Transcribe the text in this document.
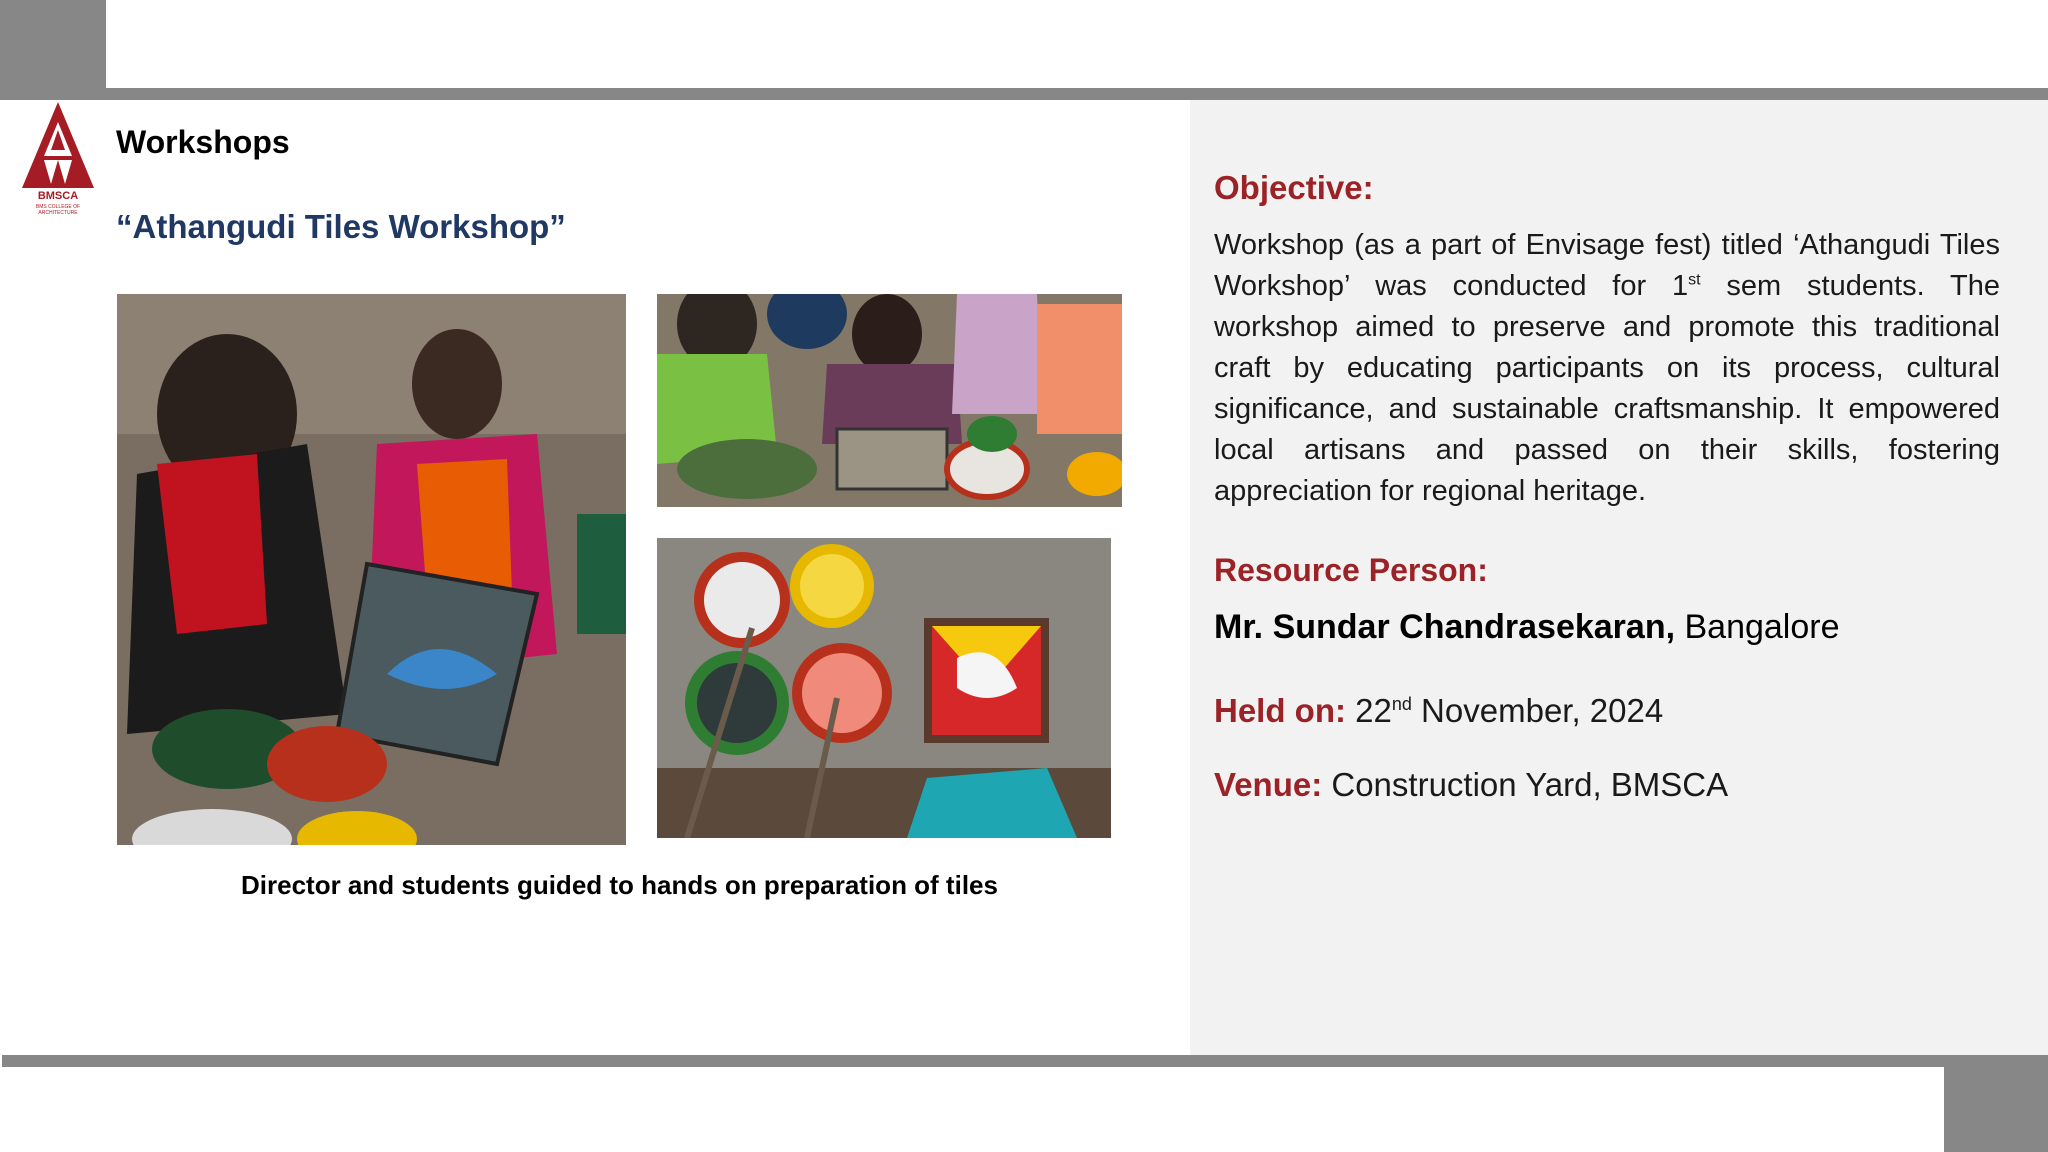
BMSCA
BMS COLLEGE OF ARCHITECTURE
Workshops
“Athangudi Tiles Workshop”
Director and students guided to hands on preparation of tiles
Objective:
Workshop (as a part of Envisage fest) titled ‘Athangudi Tiles Workshop’ was conducted for 1st sem students. The workshop aimed to preserve and promote this traditional craft by educating participants on its process, cultural significance, and sustainable craftsmanship. It empowered local artisans and passed on their skills, fostering appreciation for regional heritage.
Resource Person:
Mr. Sundar Chandrasekaran, Bangalore
Held on: 22nd November, 2024
Venue: Construction Yard, BMSCA
